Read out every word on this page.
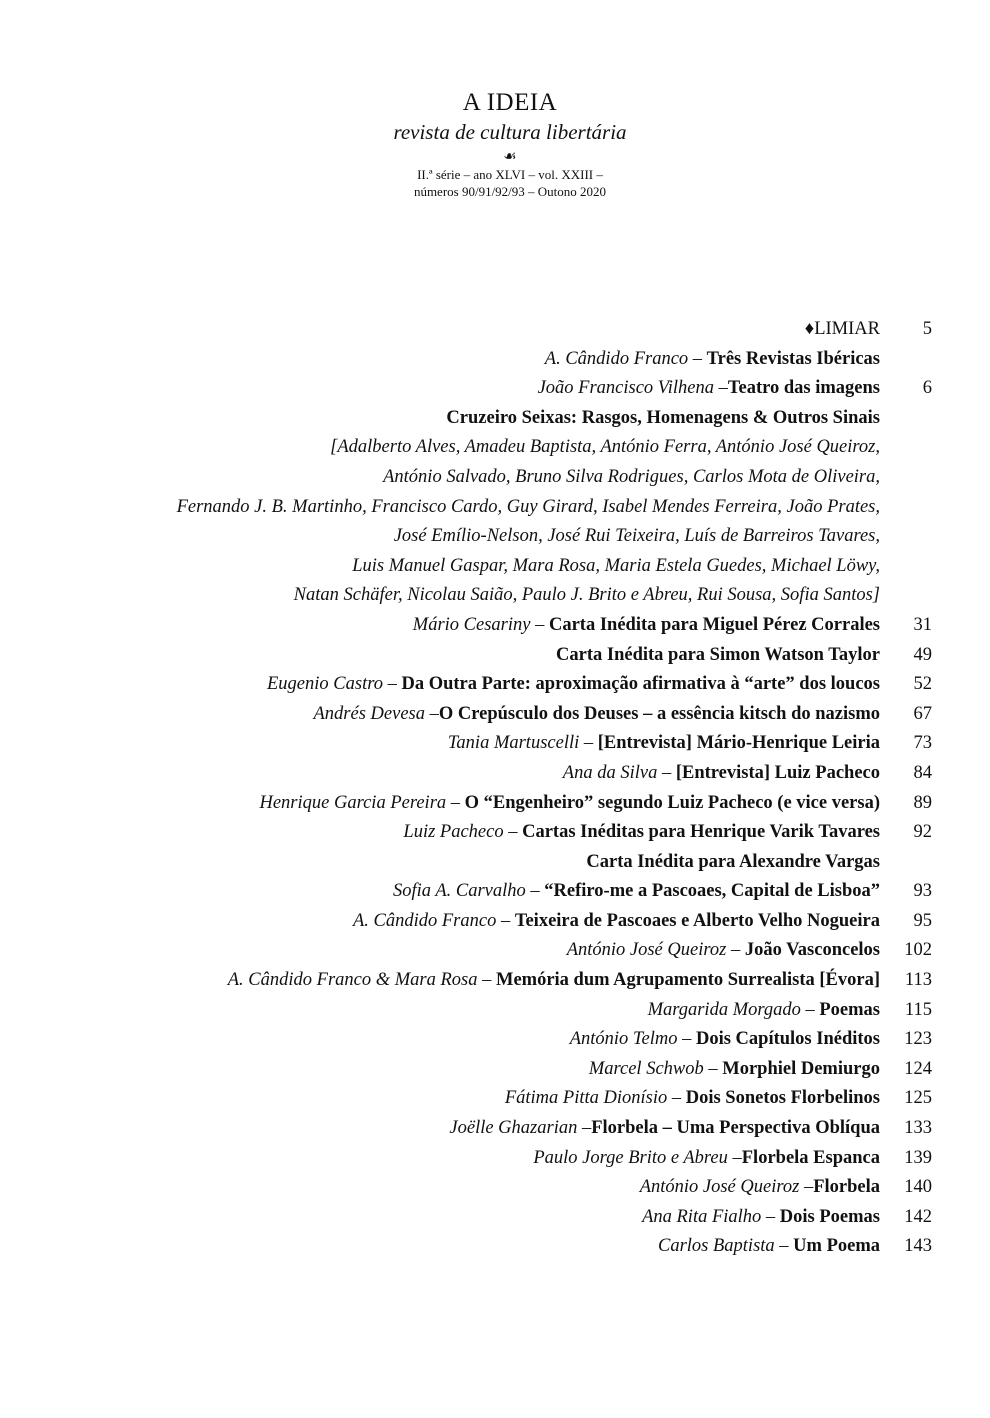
A IDEIA
revista de cultura libertária
☙
II.ª série – ano XLVI – vol. XXIII –
números 90/91/92/93 – Outono 2020
♦LIMIAR 5
A. Cândido Franco – Três Revistas Ibéricas
João Francisco Vilhena –Teatro das imagens 6
Cruzeiro Seixas: Rasgos, Homenagens & Outros Sinais
[Adalberto Alves, Amadeu Baptista, António Ferra, António José Queiroz,
António Salvado, Bruno Silva Rodrigues, Carlos Mota de Oliveira,
Fernando J. B. Martinho, Francisco Cardo, Guy Girard, Isabel Mendes Ferreira, João Prates,
José Emílio-Nelson, José Rui Teixeira, Luís de Barreiros Tavares,
Luis Manuel Gaspar, Mara Rosa, Maria Estela Guedes, Michael Löwy,
Natan Schäfer, Nicolau Saião, Paulo J. Brito e Abreu, Rui Sousa, Sofia Santos]
Mário Cesariny – Carta Inédita para Miguel Pérez Corrales 31
Carta Inédita para Simon Watson Taylor 49
Eugenio Castro – Da Outra Parte: aproximação afirmativa à “arte” dos loucos 52
Andrés Devesa –O Crepúsculo dos Deuses – a essência kitsch do nazismo 67
Tania Martuscelli – [Entrevista] Mário-Henrique Leiria 73
Ana da Silva – [Entrevista] Luiz Pacheco 84
Henrique Garcia Pereira – O “Engenheiro” segundo Luiz Pacheco (e vice versa) 89
Luiz Pacheco – Cartas Inéditas para Henrique Varik Tavares 92
Carta Inédita para Alexandre Vargas
Sofia A. Carvalho – “Refiro-me a Pascoaes, Capital de Lisboa” 93
A. Cândido Franco – Teixeira de Pascoaes e Alberto Velho Nogueira 95
António José Queiroz – João Vasconcelos 102
A. Cândido Franco & Mara Rosa – Memória dum Agrupamento Surrealista [Évora] 113
Margarida Morgado – Poemas 115
António Telmo – Dois Capítulos Inéditos 123
Marcel Schwob – Morphiel Demiurgo 124
Fátima Pitta Dionísio – Dois Sonetos Florbelinos 125
Joëlle Ghazarian –Florbela – Uma Perspectiva Oblíqua 133
Paulo Jorge Brito e Abreu –Florbela Espanca 139
António José Queiroz –Florbela 140
Ana Rita Fialho – Dois Poemas 142
Carlos Baptista – Um Poema 143
